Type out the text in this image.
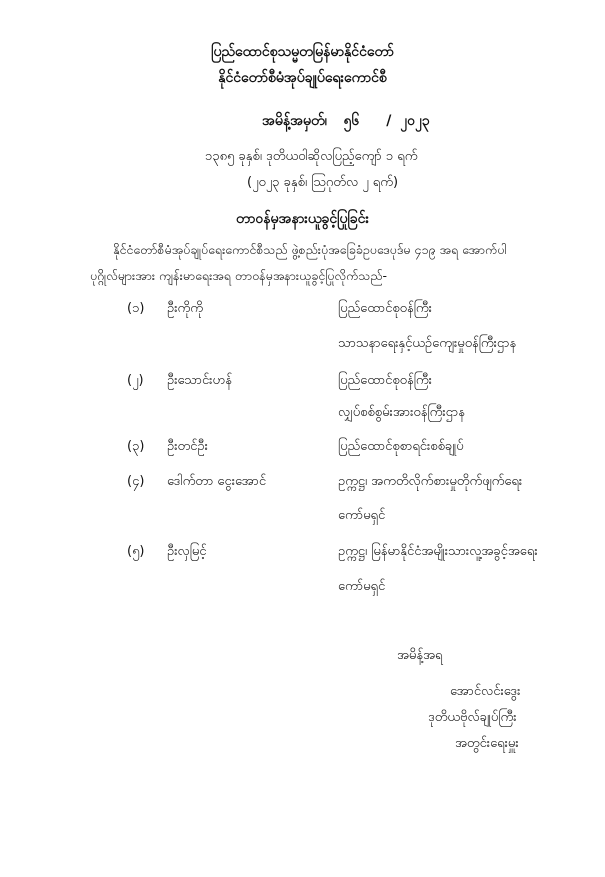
ပြည်ထောင်စုသမ္မတမြန်မာနိုင်ငံတော်
နိုင်ငံတော်စီမံအုပ်ချုပ်ရေးကောင်စီ
အမိန့်အမှတ်၊ ၅၆ / ၂၀၂၃
၁၃၈၅ ခုနှစ်၊ ဒုတိယဝါဆိုလပြည့်ကျော် ၁ ရက်
(၂၀၂၃ ခုနှစ်၊ ဩဂုတ်လ ၂ ရက်)
တာဝန်မှအနားယူခွင့်ပြုခြင်း
နိုင်ငံတော်စီမံအုပ်ချုပ်ရေးကောင်စီသည် ဖွဲ့စည်းပုံအခြေခံဥပဒေပုဒ်မ ၄၁၉ အရ အောက်ပါ
ပုဂ္ဂိုလ်များအား ကျန်းမာရေးအရ တာဝန်မှအနားယူခွင့်ပြုလိုက်သည်-
(၁) ဦးကိုကို	ပြည်ထောင်စုဝန်ကြီး
သာသနာရေးနှင့်ယဉ်ကျေးမှုဝန်ကြီးဌာန
(၂) ဦးသောင်းဟန်	ပြည်ထောင်စုဝန်ကြီး
လျှပ်စစ်စွမ်းအားဝန်ကြီးဌာန
(၃) ဦးတင်ဦး	ပြည်ထောင်စုစာရင်းစစ်ချုပ်
(၄) ဒေါက်တာ ငွေးအောင်	ဥက္ကဋ္ဌ၊ အကတိလိုက်စားမှုတိုက်ဖျက်ရေး
ကော်မရှင်
(၅) ဦးလှမြင့်	ဥက္ကဋ္ဌ၊ မြန်မာနိုင်ငံအမျိုးသားလူ့အခွင့်အရေး
ကော်မရှင်
အမိန့်အရ
အောင်လင်းဒွေး
ဒုတိယဗိုလ်ချုပ်ကြီး
အတွင်းရေးမှူး
